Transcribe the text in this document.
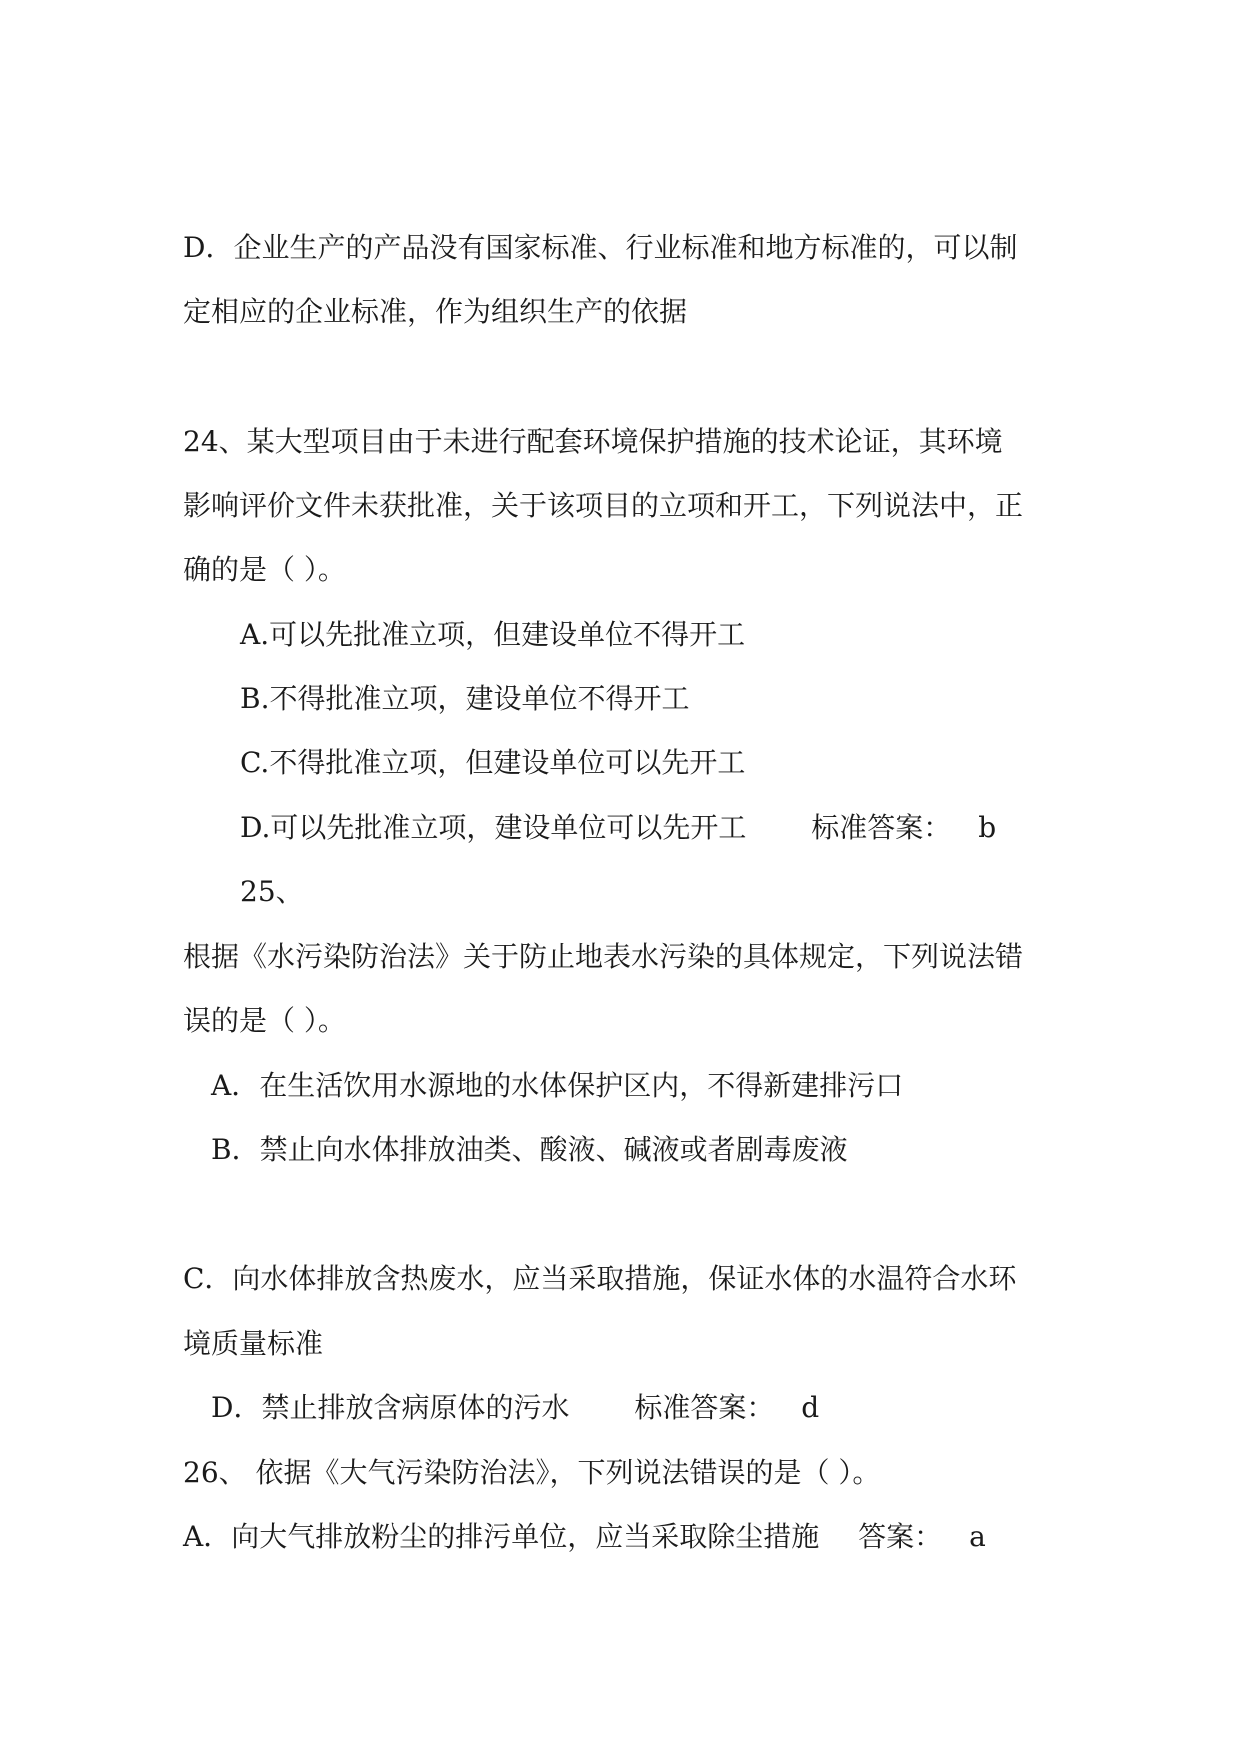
D．企业生产的产品没有国家标准、行业标准和地方标准的，可以制
定相应的企业标准，作为组织生产的依据
24、某大型项目由于未进行配套环境保护措施的技术论证，其环境
影响评价文件未获批准，关于该项目的立项和开工，下列说法中，正
确的是（ ）。
A.可以先批准立项，但建设单位不得开工
B.不得批准立项，建设单位不得开工
C.不得批准立项，但建设单位可以先开工
D.可以先批准立项，建设单位可以先开工 标准答案： b
25、
根据《水污染防治法》关于防止地表水污染的具体规定，下列说法错
误的是（ ）。
A．在生活饮用水源地的水体保护区内，不得新建排污口
B．禁止向水体排放油类、酸液、碱液或者剧毒废液
C．向水体排放含热废水，应当采取措施，保证水体的水温符合水环
境质量标准
D．禁止排放含病原体的污水 标准答案： d
26、 依据《大气污染防治法》，下列说法错误的是（ ）。
A．向大气排放粉尘的排污单位，应当采取除尘措施 答案： a
